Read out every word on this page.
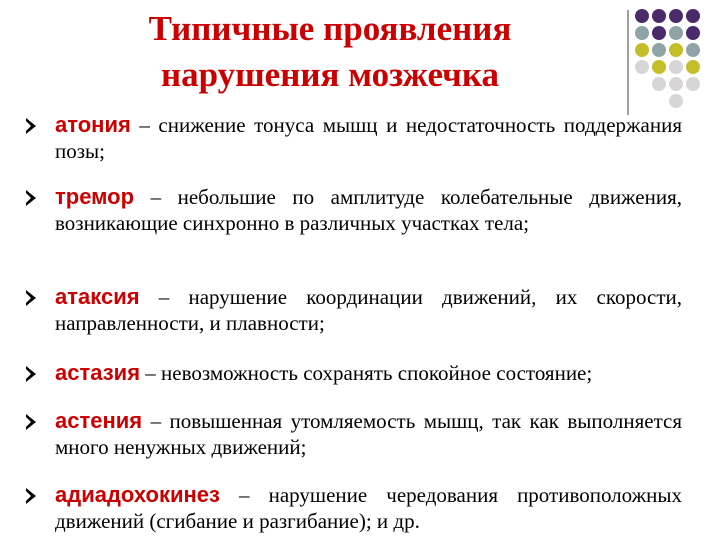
Типичные проявления
нарушения мозжечка
атония – снижение тонуса мышц и недостаточность поддержания позы;
тремор – небольшие по амплитуде колебательные движения, возникающие синхронно в различных участках тела;
атаксия – нарушение координации движений, их скорости, направленности, и плавности;
астазия – невозможность сохранять спокойное состояние;
астения – повышенная утомляемость мышц, так как выполняется много ненужных движений;
адиадохокинез – нарушение чередования противоположных движений (сгибание и разгибание); и др.
